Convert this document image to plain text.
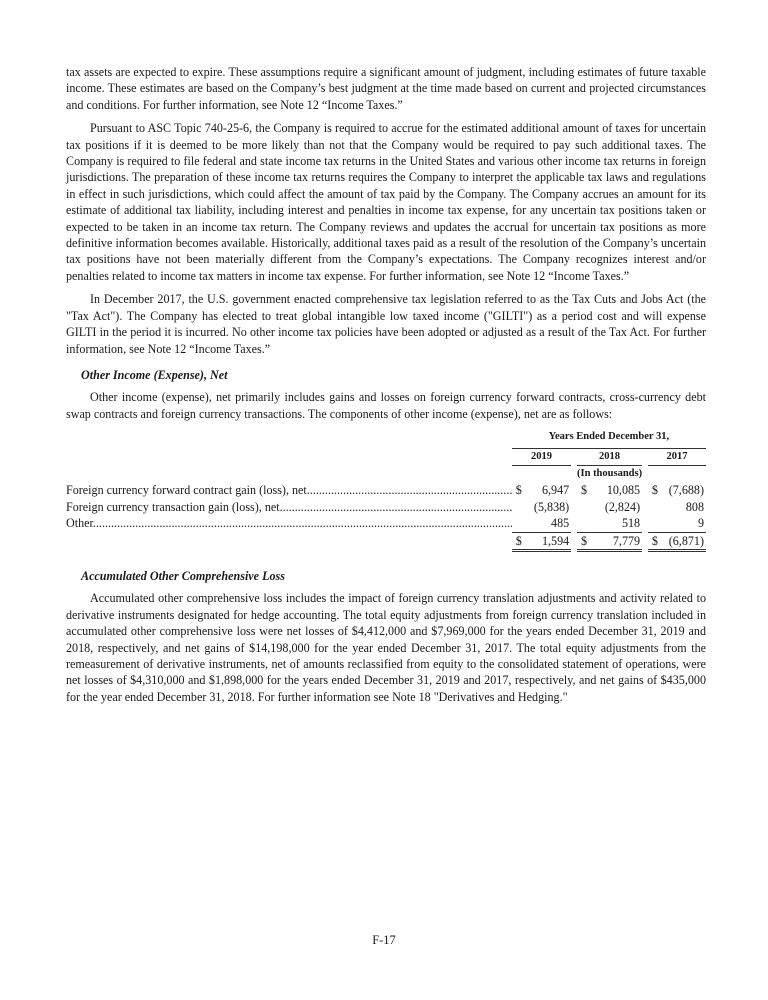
tax assets are expected to expire. These assumptions require a significant amount of judgment, including estimates of future taxable income. These estimates are based on the Company’s best judgment at the time made based on current and projected circumstances and conditions. For further information, see Note 12 “Income Taxes.”

Pursuant to ASC Topic 740-25-6, the Company is required to accrue for the estimated additional amount of taxes for uncertain tax positions if it is deemed to be more likely than not that the Company would be required to pay such additional taxes. The Company is required to file federal and state income tax returns in the United States and various other income tax returns in foreign jurisdictions. The preparation of these income tax returns requires the Company to interpret the applicable tax laws and regulations in effect in such jurisdictions, which could affect the amount of tax paid by the Company. The Company accrues an amount for its estimate of additional tax liability, including interest and penalties in income tax expense, for any uncertain tax positions taken or expected to be taken in an income tax return. The Company reviews and updates the accrual for uncertain tax positions as more definitive information becomes available. Historically, additional taxes paid as a result of the resolution of the Company’s uncertain tax positions have not been materially different from the Company’s expectations. The Company recognizes interest and/or penalties related to income tax matters in income tax expense. For further information, see Note 12 “Income Taxes.”

In December 2017, the U.S. government enacted comprehensive tax legislation referred to as the Tax Cuts and Jobs Act (the "Tax Act"). The Company has elected to treat global intangible low taxed income ("GILTI") as a period cost and will expense GILTI in the period it is incurred. No other income tax policies have been adopted or adjusted as a result of the Tax Act. For further information, see Note 12 “Income Taxes.”

Other Income (Expense), Net

Other income (expense), net primarily includes gains and losses on foreign currency forward contracts, cross-currency debt swap contracts and foreign currency transactions. The components of other income (expense), net are as follows:

	Years Ended December 31,							
	2019			2018			2017	
				(In thousands)				
Foreign currency forward contract gain (loss), net .....	$	6,947		$	10,085		$	(7,688)
Foreign currency transaction gain (loss), net .....		(5,838)			(2,824)			808
Other .....		485			518			9
	$	1,594		$	7,779		$	(6,871)
Accumulated Other Comprehensive Loss

Accumulated other comprehensive loss includes the impact of foreign currency translation adjustments and activity related to derivative instruments designated for hedge accounting. The total equity adjustments from foreign currency translation included in accumulated other comprehensive loss were net losses of $4,412,000 and $7,969,000 for the years ended December 31, 2019 and 2018, respectively, and net gains of $14,198,000 for the year ended December 31, 2017. The total equity adjustments from the remeasurement of derivative instruments, net of amounts reclassified from equity to the consolidated statement of operations, were net losses of $4,310,000 and $1,898,000 for the years ended December 31, 2019 and 2017, respectively, and net gains of $435,000 for the year ended December 31, 2018. For further information see Note 18 "Derivatives and Hedging."

F-17
